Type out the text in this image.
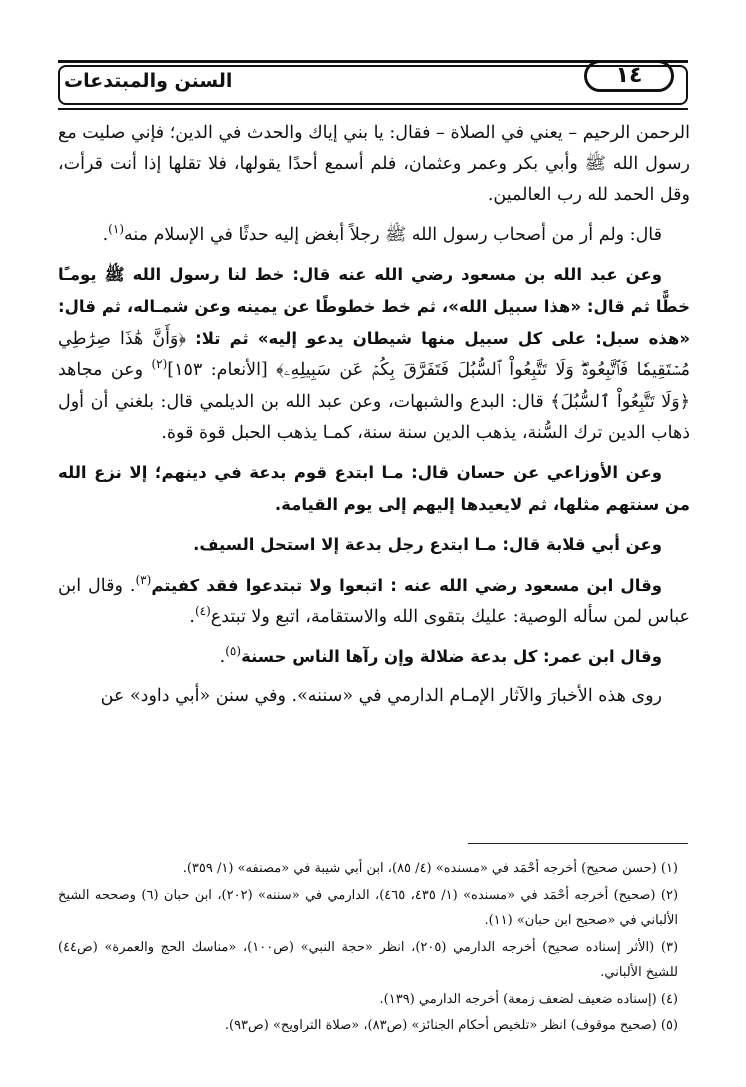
السنن والمبتدعات	١٤

الرحمن الرحيم – يعني في الصلاة – فقال: يا بني إياك والحدث في الدين؛ فإني صليت مع رسول الله ﷺ وأبي بكر وعمر وعثمان، فلم أسمع أحدًا يقولها، فلا تقلها إذا أنت قرأت، وقل الحمد لله رب العالمين.

قال: ولم أر من أصحاب رسول الله ﷺ رجلاً أبغض إليه حدثًا في الإسلام منه$^{(١)}$.

وعن عبد الله بن مسعود رضي الله عنه قال: خط لنا رسول الله ﷺ يومـًا خطًّا ثم قال: «هذا سبيل الله»، ثم خط خطوطًا عن يمينه وعن شمـاله، ثم قال: «هذه سبل: على كل سبيل منها شيطان يدعو إليه» ثم تلا: ﴿وَأَنَّ هَٰذَا صِرَٰطِي مُسۡتَقِيمٗا فَٱتَّبِعُوهُۖ وَلَا تَتَّبِعُواْ ٱلسُّبُلَ فَتَفَرَّقَ بِكُمۡ عَن سَبِيلِهِۦ﴾ [الأنعام: ١٥٣]$^{(٢)}$ وعن مجاهد ﴿وَلَا تَتَّبِعُواْ ٱلسُّبُلَ﴾ قال: البدع والشبهات، وعن عبد الله بن الديلمي قال: بلغني أن أول ذهاب الدين ترك السُّنة، يذهب الدين سنة سنة، كمـا يذهب الحبل قوة قوة.

وعن الأوزاعي عن حسان قال: مـا ابتدع قوم بدعة في دينهم؛ إلا نزع الله من سنتهم مثلها، ثم لايعيدها إليهم إلى يوم القيامة.

وعن أبي قلابة قال: مـا ابتدع رجل بدعة إلا استحل السيف.

وقال ابن مسعود رضي الله عنه : اتبعوا ولا تبتدعوا فقد كفيتم$^{(٣)}$. وقال ابن عباس لمن سأله الوصية: عليك بتقوى الله والاستقامة، اتبع ولا تبتدع$^{(٤)}$.

وقال ابن عمر: كل بدعة ضلالة وإن رآها الناس حسنة$^{(٥)}$.

روى هذه الأخبارَ والآثار الإمـام الدارمي في «سننه». وفي سنن «أبي داود» عن

(١) (حسن صحيح) أخرجه أحْمَد في «مسنده» (٤/ ٨٥)، ابن أبي شيبة في «مصنفه» (١/ ٣٥٩).

(٢) (صحيح) أخرجه أحْمَد في «مسنده» (١/ ٤٣٥، ٤٦٥)، الدارمي في «سننه» (٢٠٢)، ابن حبان (٦) وصححه الشيخ الألباني في «صحيح ابن حبان» (١١).

(٣) (الأثر إسناده صحيح) أخرجه الدارمي (٢٠٥)، انظر «حجة النبي» (ص١٠٠)، «مناسك الحج والعمرة» (ص٤٤) للشيخ الألباني.

(٤) (إسناده ضعيف لضعف زمعة) أخرجه الدارمي (١٣٩).

(٥) (صحيح موقوف) انظر «تلخيص أحكام الجنائز» (ص٨٣)، «صلاة التراويح» (ص٩٣).
